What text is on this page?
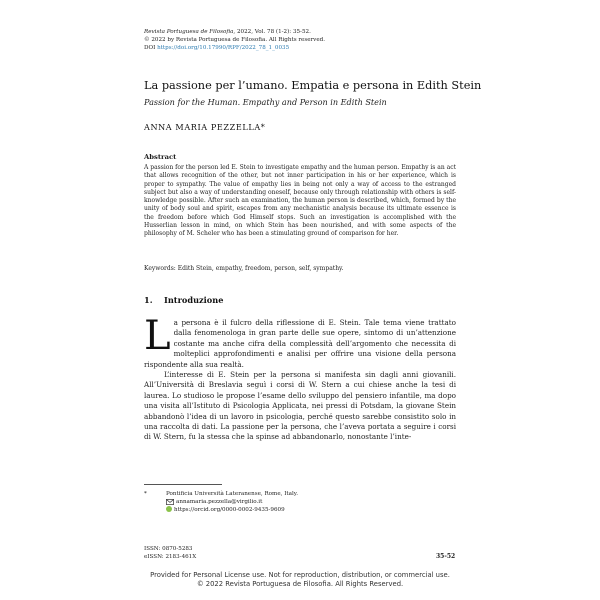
Revista Portuguesa de Filosofia, 2022, Vol. 78 (1-2): 35-52.
© 2022 by Revista Portuguesa de Filosofia. All Rights reserved.
DOI https://doi.org/10.17990/RPF/2022_78_1_0035
La passione per l’umano. Empatia e persona in Edith Stein
Passion for the Human. Empathy and Person in Edith Stein
ANNA MARIA PEZZELLA*
Abstract
A passion for the person led E. Stein to investigate empathy and the human person. Empathy is an act that allows recognition of the other, but not inner participation in his or her experience, which is proper to sympathy. The value of empathy lies in being not only a way of access to the estranged subject but also a way of understanding oneself, because only through relationship with others is self-knowledge possible. After such an examination, the human person is described, which, formed by the unity of body soul and spirit, escapes from any mechanistic analysis because its ultimate essence is the freedom before which God Himself stops. Such an investigation is accomplished with the Husserlian lesson in mind, on which Stein has been nourished, and with some aspects of the philosophy of M. Scheler who has been a stimulating ground of comparison for her.
Keywords: Edith Stein, empathy, freedom, person, self, sympathy.
1. Introduzione

La persona è il fulcro della riflessione di E. Stein. Tale tema viene trattato dalla fenomenologa in gran parte delle sue opere, sintomo di un’attenzione costante ma anche cifra della complessità dell’argomento che necessita di molteplici approfondimenti e analisi per offrire una visione della persona rispondente alla sua realtà.

L’interesse di E. Stein per la persona si manifesta sin dagli anni giovanili. All’Università di Breslavia seguì i corsi di W. Stern a cui chiese anche la tesi di laurea. Lo studioso le propose l’esame dello sviluppo del pensiero infantile, ma dopo una visita all’Istituto di Psicologia Applicata, nei pressi di Potsdam, la giovane Stein abbandonò l’idea di un lavoro in psicologia, perché questo sarebbe consistito solo in una raccolta di dati. La passione per la persona, che l’aveva portata a seguire i corsi di W. Stern, fu la stessa che la spinse ad abbandonarlo, nonostante l’inte-

*	Pontificia Università Lateranense, Rome, Italy.
annamaria.pezzella@virgilio.it
https://orcid.org/0000-0002-9435-9609
ISSN: 0870-5283
eISSN: 2183-461X	35-52
Provided for Personal License use. Not for reproduction, distribution, or commercial use.
© 2022 Revista Portuguesa de Filosofia. All Rights Reserved.
